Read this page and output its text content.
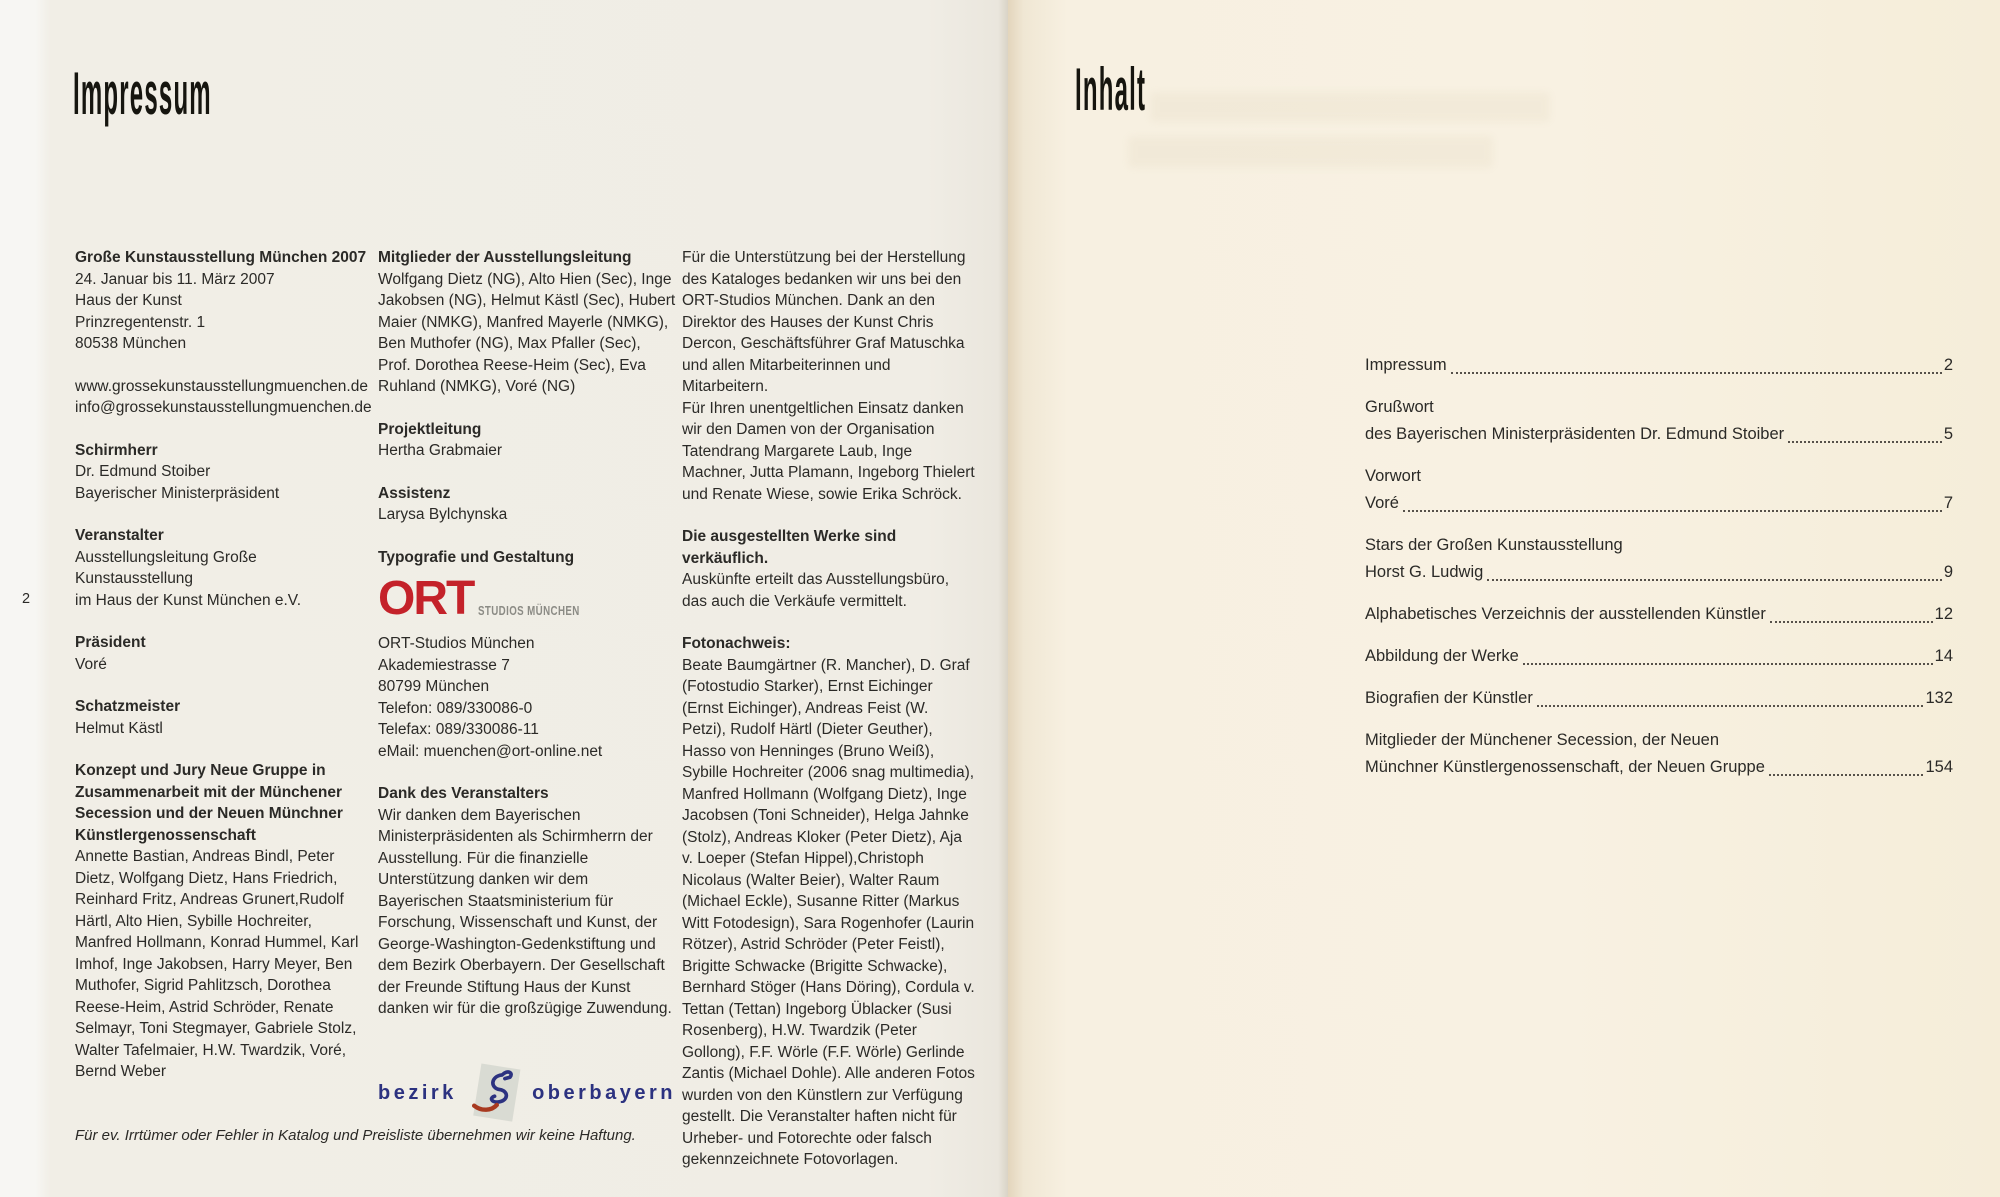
Impressum
2
Große Kunstausstellung München 2007
24. Januar bis 11. März 2007
Haus der Kunst
Prinzregentenstr. 1
80538 München
www.grossekunstausstellungmuenchen.de
info@grossekunstausstellungmuenchen.de
Schirmherr
Dr. Edmund Stoiber
Bayerischer Ministerpräsident
Veranstalter
Ausstellungsleitung Große Kunstausstellung
im Haus der Kunst München e.V.
Präsident
Voré
Schatzmeister
Helmut Kästl
Konzept und Jury Neue Gruppe in Zusammenarbeit mit der Münchener Secession und der Neuen Münchner Künstlergenossenschaft
Annette Bastian, Andreas Bindl, Peter Dietz, Wolfgang Dietz, Hans Friedrich, Reinhard Fritz, Andreas Grunert,Rudolf Härtl, Alto Hien, Sybille Hochreiter, Manfred Hollmann, Konrad Hummel, Karl Imhof, Inge Jakobsen, Harry Meyer, Ben Muthofer, Sigrid Pahlitzsch, Dorothea Reese-Heim, Astrid Schröder, Renate Selmayr, Toni Stegmayer, Gabriele Stolz, Walter Tafelmaier, H.W. Twardzik, Voré, Bernd Weber
Mitglieder der Ausstellungsleitung
Wolfgang Dietz (NG), Alto Hien (Sec), Inge Jakobsen (NG), Helmut Kästl (Sec), Hubert Maier (NMKG), Manfred Mayerle (NMKG), Ben Muthofer (NG), Max Pfaller (Sec), Prof. Dorothea Reese-Heim (Sec), Eva Ruhland (NMKG), Voré (NG)
Projektleitung
Hertha Grabmaier
Assistenz
Larysa Bylchynska
Typografie und Gestaltung
ORT STUDIOS MÜNCHEN
ORT-Studios München
Akademiestrasse 7
80799 München
Telefon: 089/330086-0
Telefax: 089/330086-11
eMail: muenchen@ort-online.net
Dank des Veranstalters
Wir danken dem Bayerischen Ministerpräsidenten als Schirmherrn der Ausstellung. Für die finanzielle Unterstützung danken wir dem Bayerischen Staatsministerium für Forschung, Wissenschaft und Kunst, der George-Washington-Gedenkstiftung und dem Bezirk Oberbayern. Der Gesellschaft der Freunde Stiftung Haus der Kunst danken wir für die großzügige Zuwendung.
bezirk	oberbayern
Für die Unterstützung bei der Herstellung des Kataloges bedanken wir uns bei den ORT-Studios München. Dank an den Direktor des Hauses der Kunst Chris Dercon, Geschäftsführer Graf Matuschka und allen Mitarbeiterinnen und Mitarbeitern.
Für Ihren unentgeltlichen Einsatz danken wir den Damen von der Organisation Tatendrang Margarete Laub, Inge Machner, Jutta Plamann, Ingeborg Thielert und Renate Wiese, sowie Erika Schröck.
Die ausgestellten Werke sind verkäuflich.
Auskünfte erteilt das Ausstellungsbüro, das auch die Verkäufe vermittelt.
Fotonachweis:
Beate Baumgärtner (R. Mancher), D. Graf (Fotostudio Starker), Ernst Eichinger (Ernst Eichinger), Andreas Feist (W. Petzi), Rudolf Härtl (Dieter Geuther), Hasso von Henninges (Bruno Weiß), Sybille Hochreiter (2006 snag multimedia), Manfred Hollmann (Wolfgang Dietz), Inge Jacobsen (Toni Schneider), Helga Jahnke (Stolz), Andreas Kloker (Peter Dietz), Aja v. Loeper (Stefan Hippel),Christoph Nicolaus (Walter Beier), Walter Raum (Michael Eckle), Susanne Ritter (Markus Witt Fotodesign), Sara Rogenhofer (Laurin Rötzer), Astrid Schröder (Peter Feistl), Brigitte Schwacke (Brigitte Schwacke), Bernhard Stöger (Hans Döring), Cordula v. Tettan (Tettan) Ingeborg Üblacker (Susi Rosenberg), H.W. Twardzik (Peter Gollong), F.F. Wörle (F.F. Wörle) Gerlinde Zantis (Michael Dohle). Alle anderen Fotos wurden von den Künstlern zur Verfügung gestellt. Die Veranstalter haften nicht für Urheber- und Fotorechte oder falsch gekennzeichnete Fotovorlagen.
Für ev. Irrtümer oder Fehler in Katalog und Preisliste übernehmen wir keine Haftung.
Inhalt
Impressum	2
Grußwort
des Bayerischen Ministerpräsidenten Dr. Edmund Stoiber	5
Vorwort
Voré	7
Stars der Großen Kunstausstellung
Horst G. Ludwig	9
Alphabetisches Verzeichnis der ausstellenden Künstler	12
Abbildung der Werke	14
Biografien der Künstler	132
Mitglieder der Münchener Secession, der Neuen
Münchner Künstlergenossenschaft, der Neuen Gruppe	154
